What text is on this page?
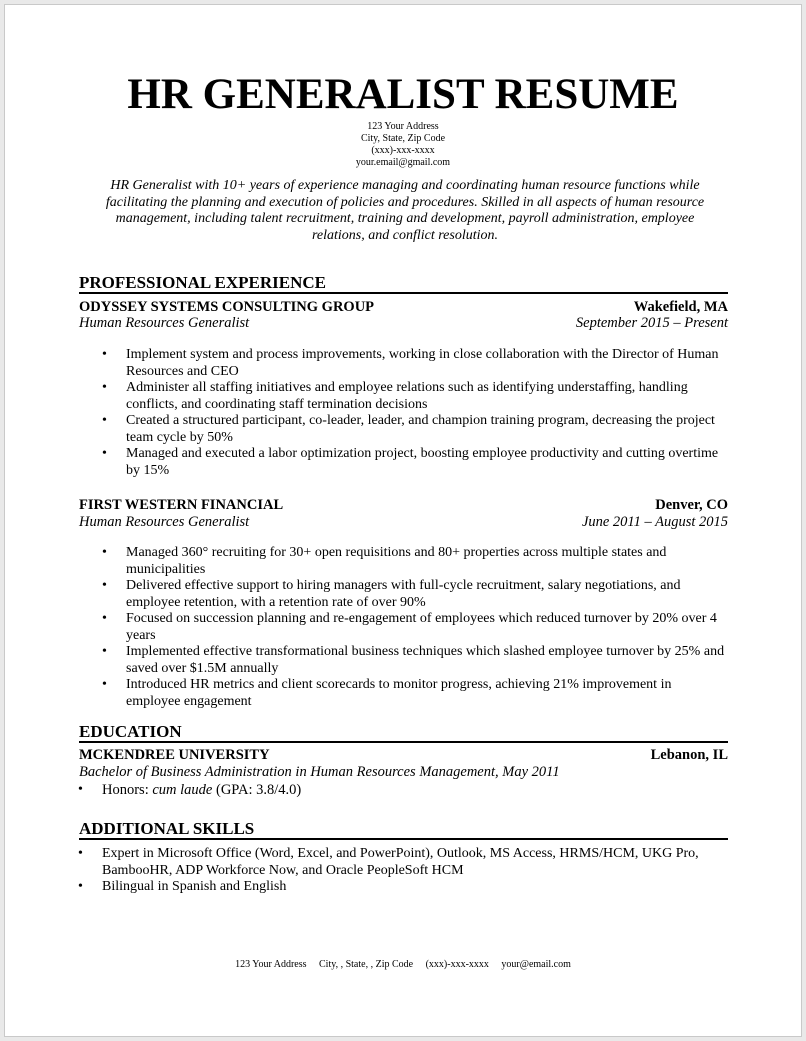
HR GENERALIST RESUME
123 Your Address
City, State, Zip Code
(xxx)-xxx-xxxx
your.email@gmail.com
HR Generalist with 10+ years of experience managing and coordinating human resource functions while facilitating the planning and execution of policies and procedures. Skilled in all aspects of human resource management, including talent recruitment, training and development, payroll administration, employee relations, and conflict resolution.
PROFESSIONAL EXPERIENCE
ODYSSEY SYSTEMS CONSULTING GROUP	Wakefield, MA
Human Resources Generalist	September 2015 – Present
• Implement system and process improvements, working in close collaboration with the Director of Human Resources and CEO
• Administer all staffing initiatives and employee relations such as identifying understaffing, handling conflicts, and coordinating staff termination decisions
• Created a structured participant, co-leader, leader, and champion training program, decreasing the project team cycle by 50%
• Managed and executed a labor optimization project, boosting employee productivity and cutting overtime by 15%
FIRST WESTERN FINANCIAL	Denver, CO
Human Resources Generalist	June 2011 – August 2015
• Managed 360° recruiting for 30+ open requisitions and 80+ properties across multiple states and municipalities
• Delivered effective support to hiring managers with full-cycle recruitment, salary negotiations, and employee retention, with a retention rate of over 90%
• Focused on succession planning and re-engagement of employees which reduced turnover by 20% over 4 years
• Implemented effective transformational business techniques which slashed employee turnover by 25% and saved over $1.5M annually
• Introduced HR metrics and client scorecards to monitor progress, achieving 21% improvement in employee engagement
EDUCATION
MCKENDREE UNIVERSITY	Lebanon, IL
Bachelor of Business Administration in Human Resources Management, May 2011
• Honors: cum laude (GPA: 3.8/4.0)
ADDITIONAL SKILLS
• Expert in Microsoft Office (Word, Excel, and PowerPoint), Outlook, MS Access, HRMS/HCM, UKG Pro, BambooHR, ADP Workforce Now, and Oracle PeopleSoft HCM
• Bilingual in Spanish and English
123 Your Address City, , State, , Zip Code (xxx)-xxx-xxxx your@email.com
